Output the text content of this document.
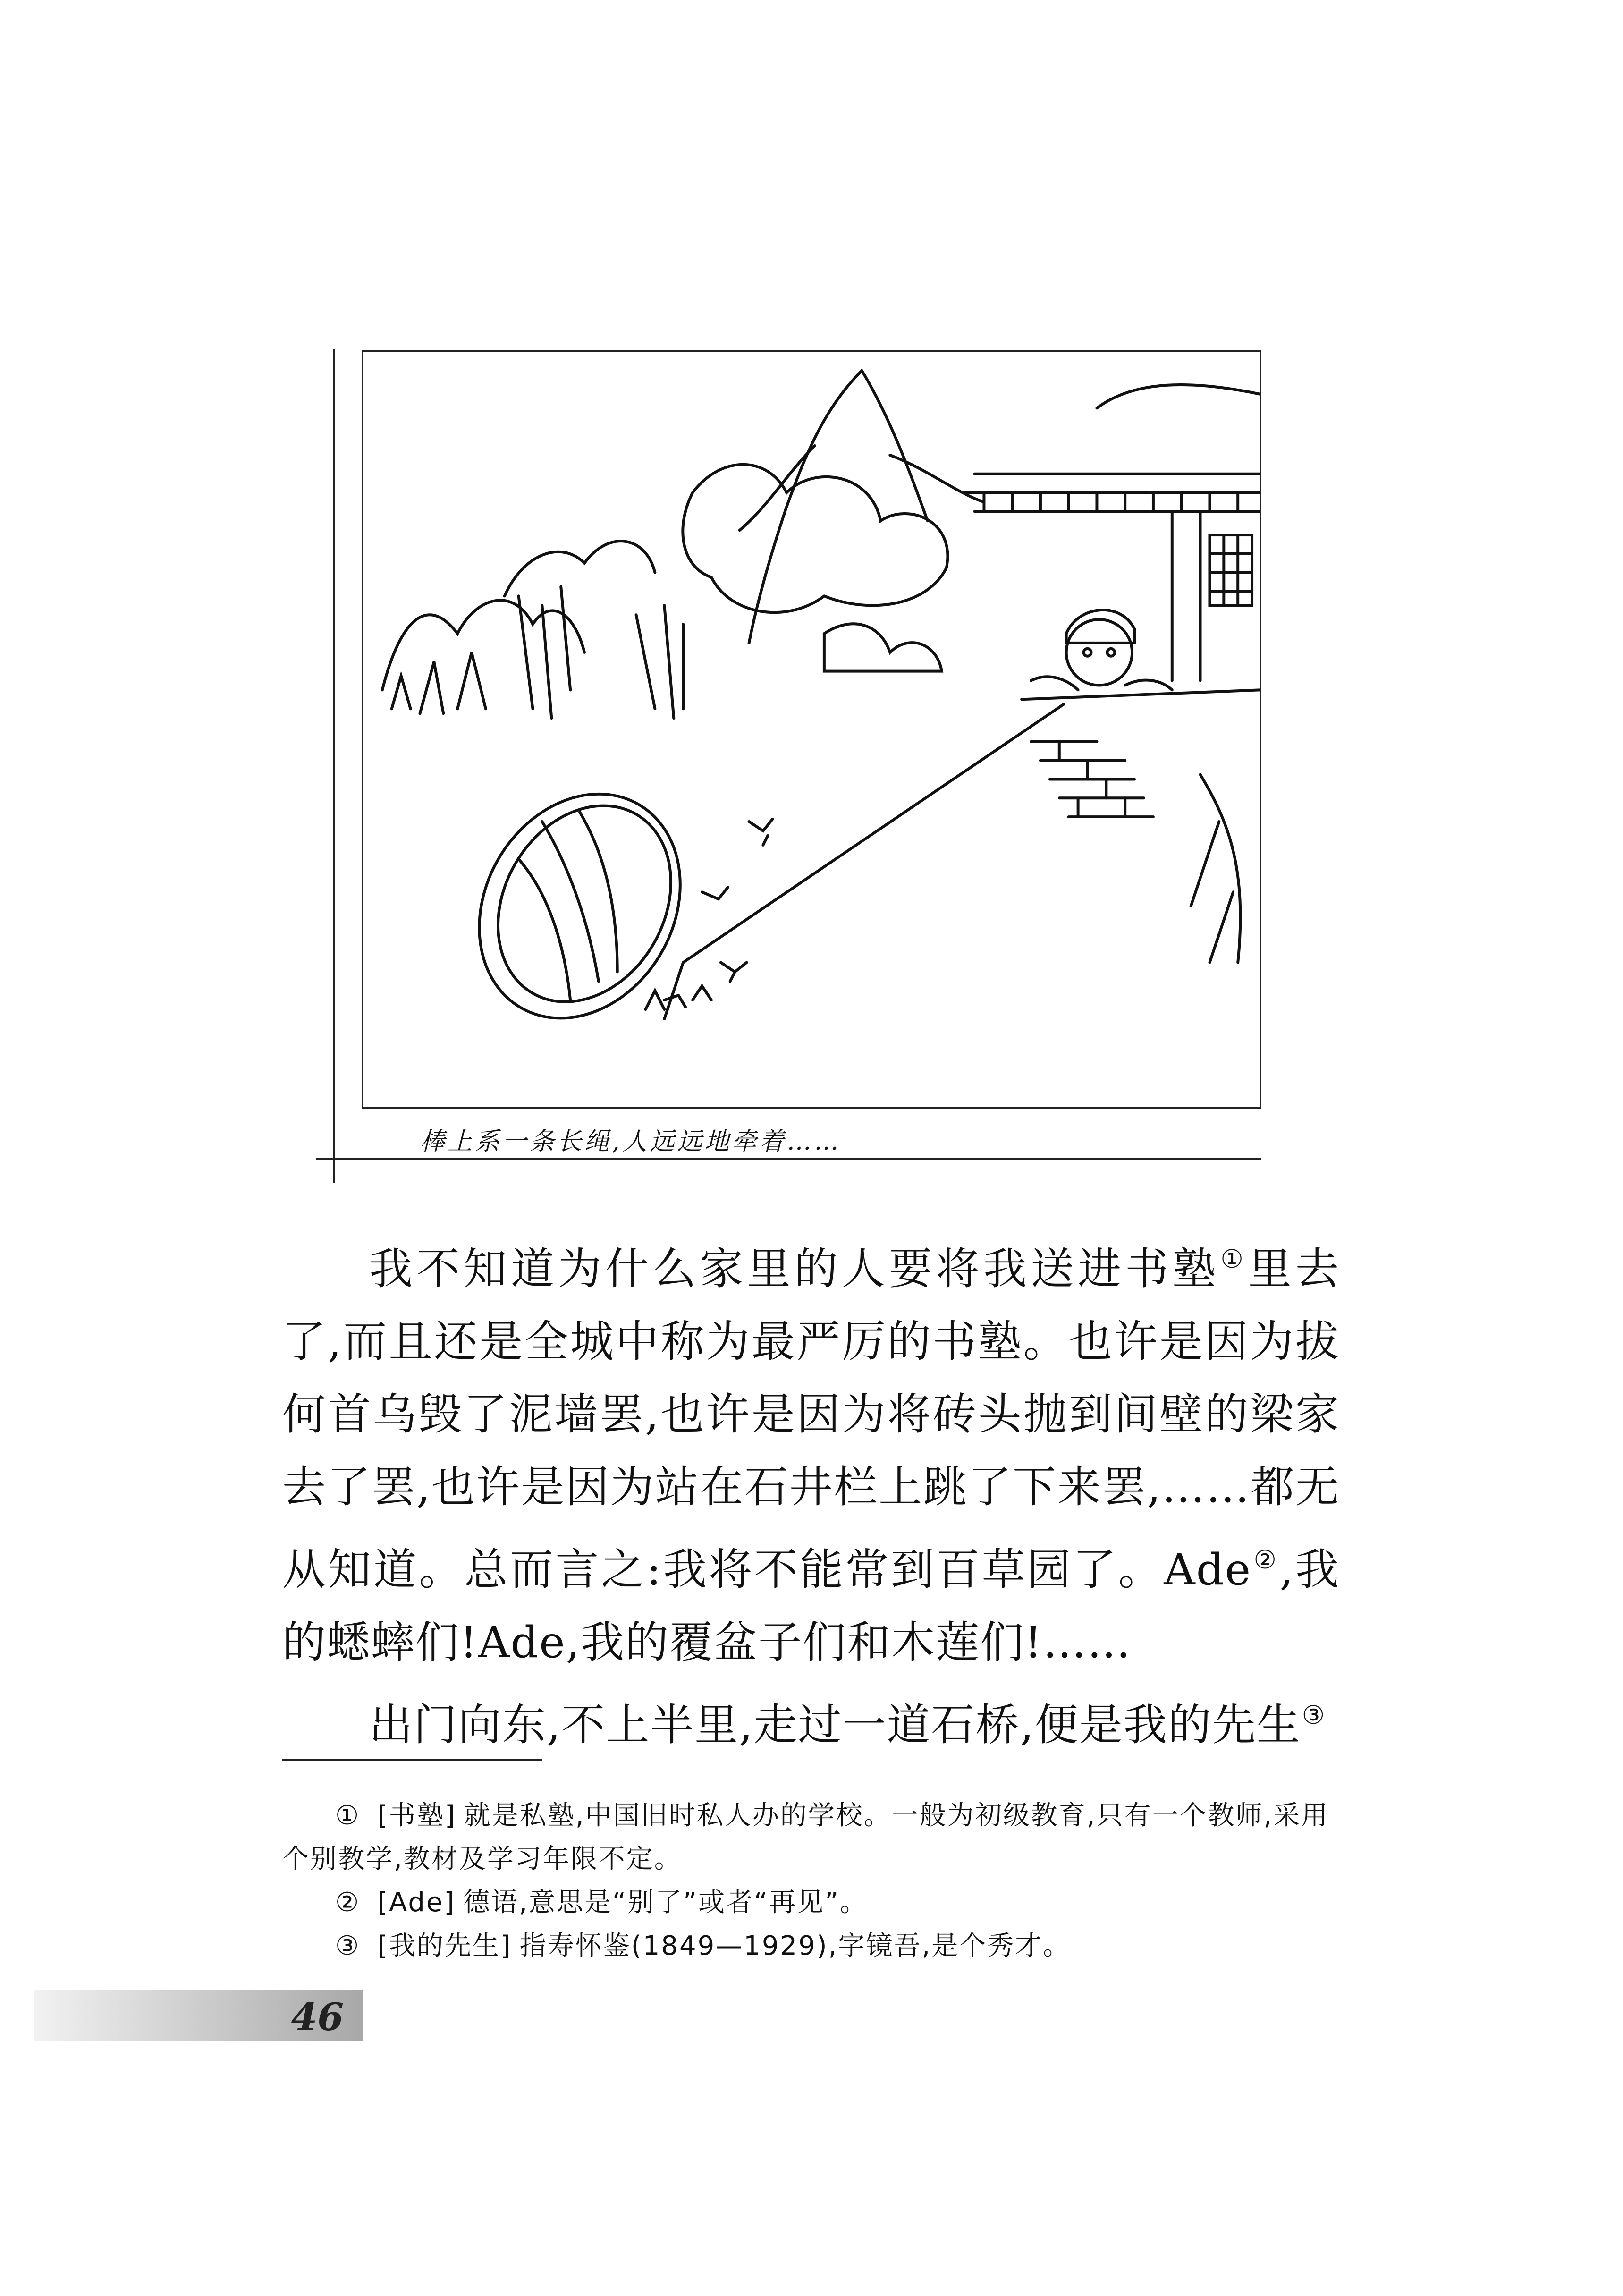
棒上系一条长绳,人远远地牵着……

我不知道为什么家里的人要将我送进书塾①里去了,而且还是全城中称为最严厉的书塾。也许是因为拔何首乌毁了泥墙罢,也许是因为将砖头抛到间壁的梁家去了罢,也许是因为站在石井栏上跳了下来罢,……都无从知道。总而言之:我将不能常到百草园了。Ade②,我的蟋蟀们!Ade,我的覆盆子们和木莲们!……

出门向东,不上半里,走过一道石桥,便是我的先生③

① [书塾] 就是私塾,中国旧时私人办的学校。一般为初级教育,只有一个教师,采用个别教学,教材及学习年限不定。

② [Ade] 德语,意思是“别了”或者“再见”。

③ [我的先生] 指寿怀鉴(1849—1929),字镜吾,是个秀才。

46
